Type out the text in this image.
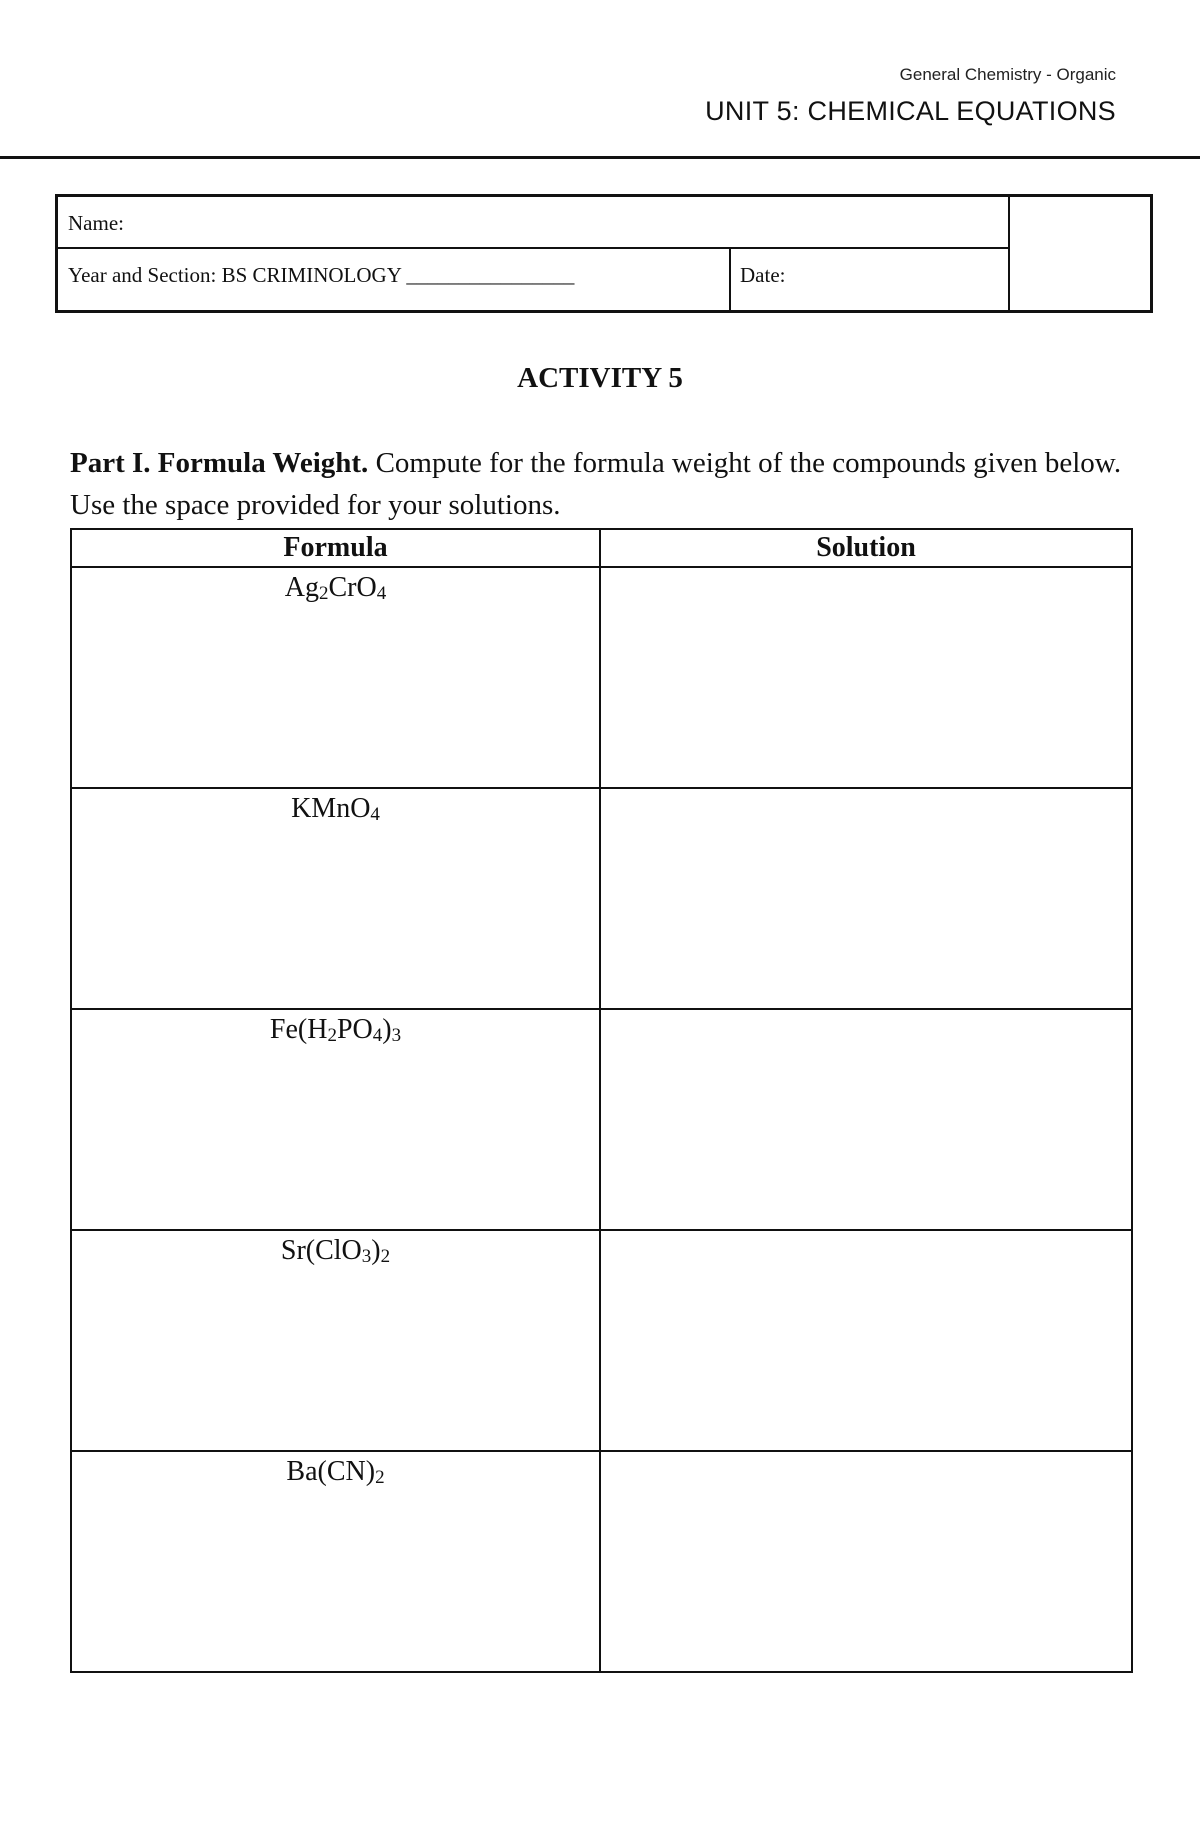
General Chemistry - Organic
UNIT 5: CHEMICAL EQUATIONS
Name:
Year and Section: BS CRIMINOLOGY ________________	Date:
ACTIVITY 5
Part I. Formula Weight. Compute for the formula weight of the compounds given below. Use the space provided for your solutions.
Formula	Solution
$Ag_2CrO_4$	
KMnO$_4$	
$Fe(H_2PO_4)_3$	
$Sr(ClO_3)_2$	
$Ba(CN)_2$	
